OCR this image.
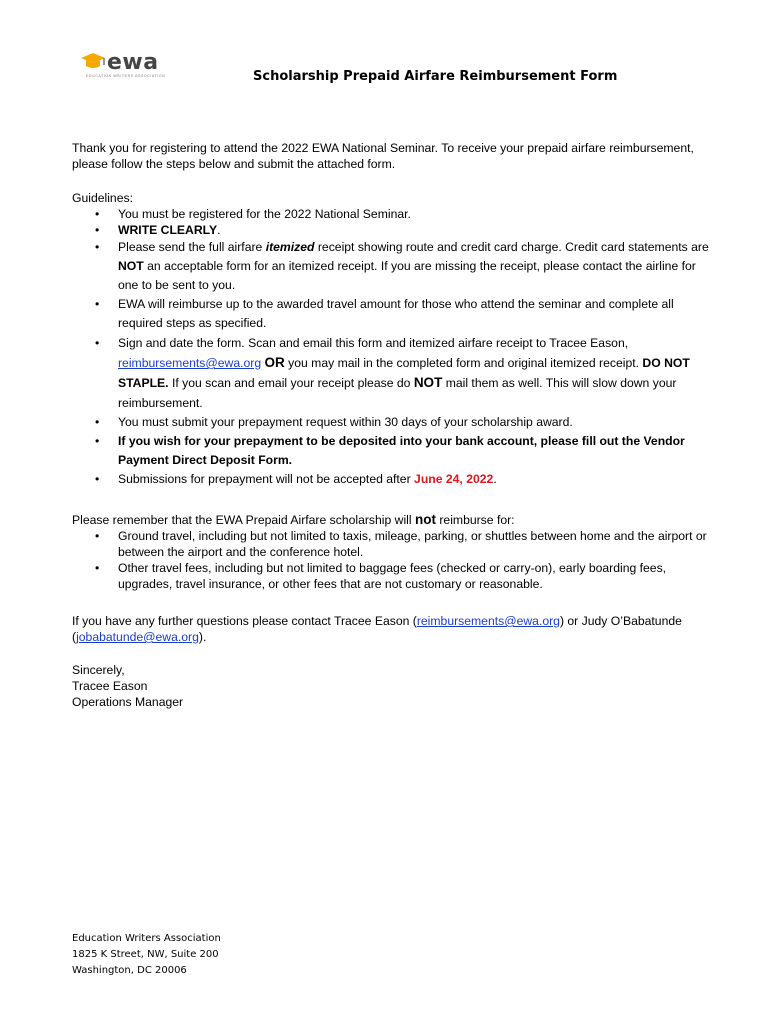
ewa
EDUCATION WRITERS ASSOCIATION	Scholarship Prepaid Airfare Reimbursement Form

Thank you for registering to attend the 2022 EWA National Seminar. To receive your prepaid airfare reimbursement, please follow the steps below and submit the attached form.

Guidelines:

• You must be registered for the 2022 National Seminar.
• WRITE CLEARLY.
• Please send the full airfare itemized receipt showing route and credit card charge. Credit card statements are NOT an acceptable form for an itemized receipt. If you are missing the receipt, please contact the airline for one to be sent to you.
• EWA will reimburse up to the awarded travel amount for those who attend the seminar and complete all required steps as specified.
• Sign and date the form. Scan and email this form and itemized airfare receipt to Tracee Eason, reimbursements@ewa.org OR you may mail in the completed form and original itemized receipt. DO NOT STAPLE. If you scan and email your receipt please do NOT mail them as well. This will slow down your reimbursement.
• You must submit your prepayment request within 30 days of your scholarship award.
• If you wish for your prepayment to be deposited into your bank account, please fill out the Vendor Payment Direct Deposit Form.
• Submissions for prepayment will not be accepted after June 24, 2022.

Please remember that the EWA Prepaid Airfare scholarship will not reimburse for:

• Ground travel, including but not limited to taxis, mileage, parking, or shuttles between home and the airport or between the airport and the conference hotel.
• Other travel fees, including but not limited to baggage fees (checked or carry-on), early boarding fees, upgrades, travel insurance, or other fees that are not customary or reasonable.

If you have any further questions please contact Tracee Eason (reimbursements@ewa.org) or Judy O’Babatunde (jobabatunde@ewa.org).

Sincerely,

Tracee Eason

Operations Manager

Education Writers Association
1825 K Street, NW, Suite 200
Washington, DC 20006
